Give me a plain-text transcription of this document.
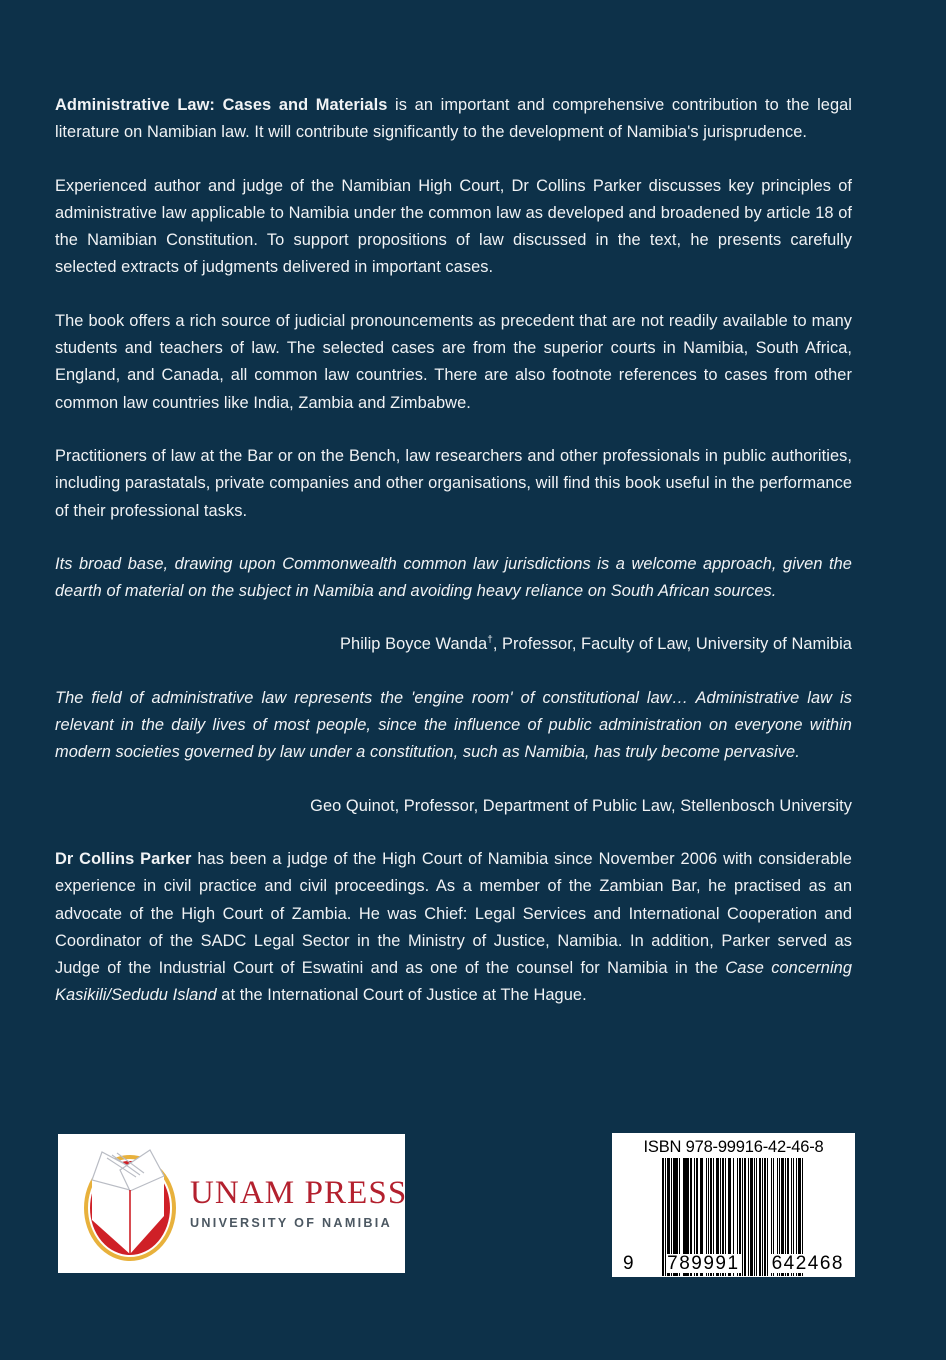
Administrative Law: Cases and Materials is an important and comprehensive contribution to the legal literature on Namibian law. It will contribute significantly to the development of Namibia's jurisprudence.

Experienced author and judge of the Namibian High Court, Dr Collins Parker discusses key principles of administrative law applicable to Namibia under the common law as developed and broadened by article 18 of the Namibian Constitution. To support propositions of law discussed in the text, he presents carefully selected extracts of judgments delivered in important cases.

The book offers a rich source of judicial pronouncements as precedent that are not readily available to many students and teachers of law. The selected cases are from the superior courts in Namibia, South Africa, England, and Canada, all common law countries. There are also footnote references to cases from other common law countries like India, Zambia and Zimbabwe.

Practitioners of law at the Bar or on the Bench, law researchers and other professionals in public authorities, including parastatals, private companies and other organisations, will find this book useful in the performance of their professional tasks.

Its broad base, drawing upon Commonwealth common law jurisdictions is a welcome approach, given the dearth of material on the subject in Namibia and avoiding heavy reliance on South African sources.

Philip Boyce Wanda†, Professor, Faculty of Law, University of Namibia

The field of administrative law represents the 'engine room' of constitutional law… Administrative law is relevant in the daily lives of most people, since the influence of public administration on everyone within modern societies governed by law under a constitution, such as Namibia, has truly become pervasive.

Geo Quinot, Professor, Department of Public Law, Stellenbosch University

Dr Collins Parker has been a judge of the High Court of Namibia since November 2006 with considerable experience in civil practice and civil proceedings. As a member of the Zambian Bar, he practised as an advocate of the High Court of Zambia. He was Chief: Legal Services and International Cooperation and Coordinator of the SADC Legal Sector in the Ministry of Justice, Namibia. In addition, Parker served as Judge of the Industrial Court of Eswatini and as one of the counsel for Namibia in the Case concerning Kasikili/Sedudu Island at the International Court of Justice at The Hague.

UNAM PRESS
UNIVERSITY OF NAMIBIA
ISBN 978-99916-42-46-8
9 789991 642468
